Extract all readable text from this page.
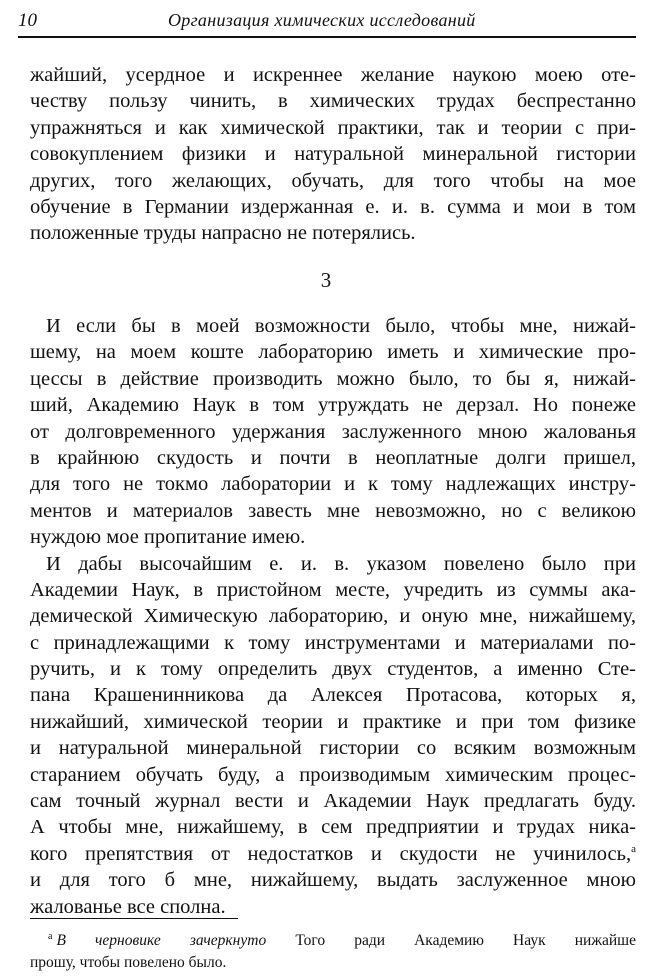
10	Организация химических исследований
жайший, усердное и искреннее желание наукою моею оте-
честву пользу чинить, в химических трудах беспрестанно
упражняться и как химической практики, так и теории с при-
совокуплением физики и натуральной минеральной гистории
других, того желающих, обучать, для того чтобы на мое
обучение в Германии издержанная е. и. в. сумма и мои в том
положенные труды напрасно не потерялись.
3
И если бы в моей возможности было, чтобы мне, нижай-
шему, на моем коште лабораторию иметь и химические про-
цессы в действие производить можно было, то бы я, нижай-
ший, Академию Наук в том утруждать не дерзал. Но понеже
от долговременного удержания заслуженного мною жалованья
в крайнюю скудость и почти в неоплатные долги пришел,
для того не токмо лаборатории и к тому надлежащих инстру-
ментов и материалов завесть мне невозможно, но с великою
нуждою мое пропитание имею.
И дабы высочайшим е. и. в. указом повелено было при
Академии Наук, в пристойном месте, учредить из суммы ака-
демической Химическую лабораторию, и оную мне, нижайшему,
с принадлежащими к тому инструментами и материалами по-
ручить, и к тому определить двух студентов, а именно Сте-
пана Крашенинникова да Алексея Протасова, которых я,
нижайший, химической теории и практике и при том физике
и натуральной минеральной гистории со всяким возможным
старанием обучать буду, а производимым химическим процес-
сам точный журнал вести и Академии Наук предлагать буду.
А чтобы мне, нижайшему, в сем предприятии и трудах ника-
кого препятствия от недостатков и скудости не учинилось,$^а$
и для того б мне, нижайшему, выдать заслуженное мною
жалованье все сполна.
$^а$ В черновике зачеркнуто Того ради Академию Наук нижайше
прошу, чтобы повелено было.
